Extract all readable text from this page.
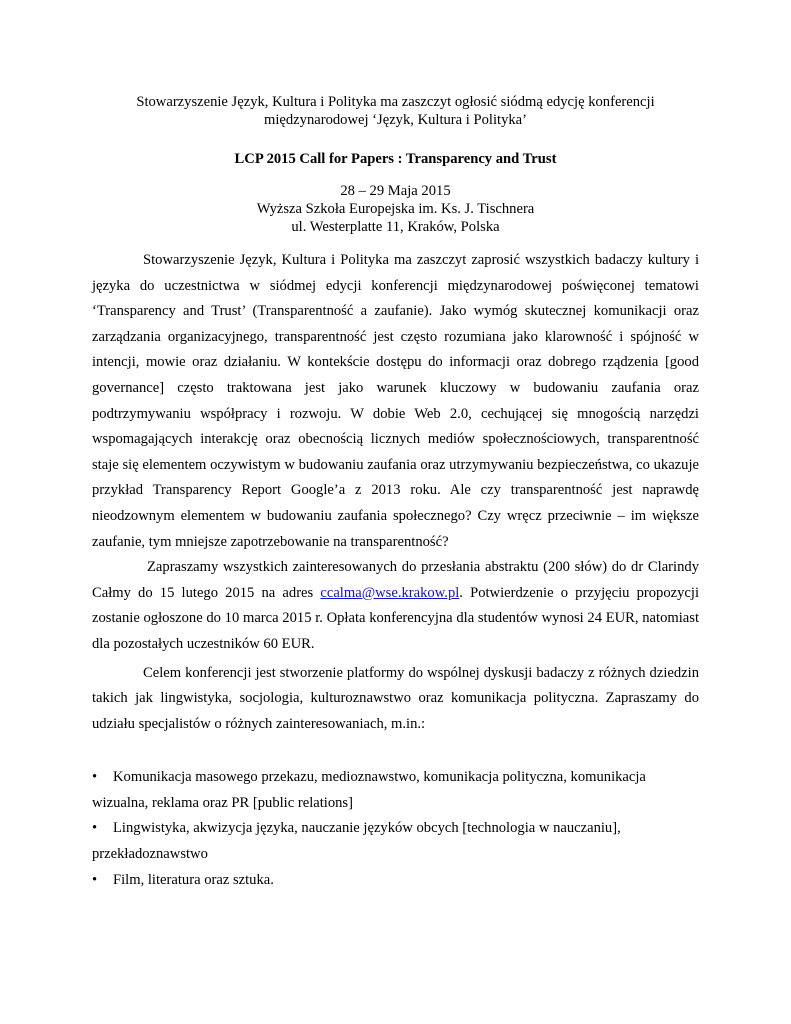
Stowarzyszenie Język, Kultura i Polityka ma zaszczyt ogłosić siódmą edycję konferencji
międzynarodowej ‘Język, Kultura i Polityka’
LCP 2015 Call for Papers : Transparency and Trust
28 – 29 Maja 2015
Wyższa Szkoła Europejska im. Ks. J. Tischnera
ul. Westerplatte 11, Kraków, Polska

Stowarzyszenie Język, Kultura i Polityka ma zaszczyt zaprosić wszystkich badaczy kultury i języka do uczestnictwa w siódmej edycji konferencji międzynarodowej poświęconej tematowi ‘Transparency and Trust’ (Transparentność a zaufanie). Jako wymóg skutecznej komunikacji oraz zarządzania organizacyjnego, transparentność jest często rozumiana jako klarowność i spójność w intencji, mowie oraz działaniu. W kontekście dostępu do informacji oraz dobrego rządzenia [good governance] często traktowana jest jako warunek kluczowy w budowaniu zaufania oraz podtrzymywaniu współpracy i rozwoju. W dobie Web 2.0, cechującej się mnogością narzędzi wspomagających interakcję oraz obecnością licznych mediów społecznościowych, transparentność staje się elementem oczywistym w budowaniu zaufania oraz utrzymywaniu bezpieczeństwa, co ukazuje przykład Transparency Report Google’a z 2013 roku. Ale czy transparentność jest naprawdę nieodzownym elementem w budowaniu zaufania społecznego? Czy wręcz przeciwnie – im większe zaufanie, tym mniejsze zapotrzebowanie na transparentność?

Zapraszamy wszystkich zainteresowanych do przesłania abstraktu (200 słów) do dr Clarindy Całmy do 15 lutego 2015 na adres ccalma@wse.krakow.pl. Potwierdzenie o przyjęciu propozycji zostanie ogłoszone do 10 marca 2015 r. Opłata konferencyjna dla studentów wynosi 24 EUR, natomiast dla pozostałych uczestników 60 EUR.

Celem konferencji jest stworzenie platformy do wspólnej dyskusji badaczy z różnych dziedzin takich jak lingwistyka, socjologia, kulturoznawstwo oraz komunikacja polityczna. Zapraszamy do udziału specjalistów o różnych zainteresowaniach, m.in.:

• Komunikacja masowego przekazu, medioznawstwo, komunikacja polityczna, komunikacja
wizualna, reklama oraz PR [public relations]
• Lingwistyka, akwizycja języka, nauczanie języków obcych [technologia w nauczaniu],
przekładoznawstwo
• Film, literatura oraz sztuka.
